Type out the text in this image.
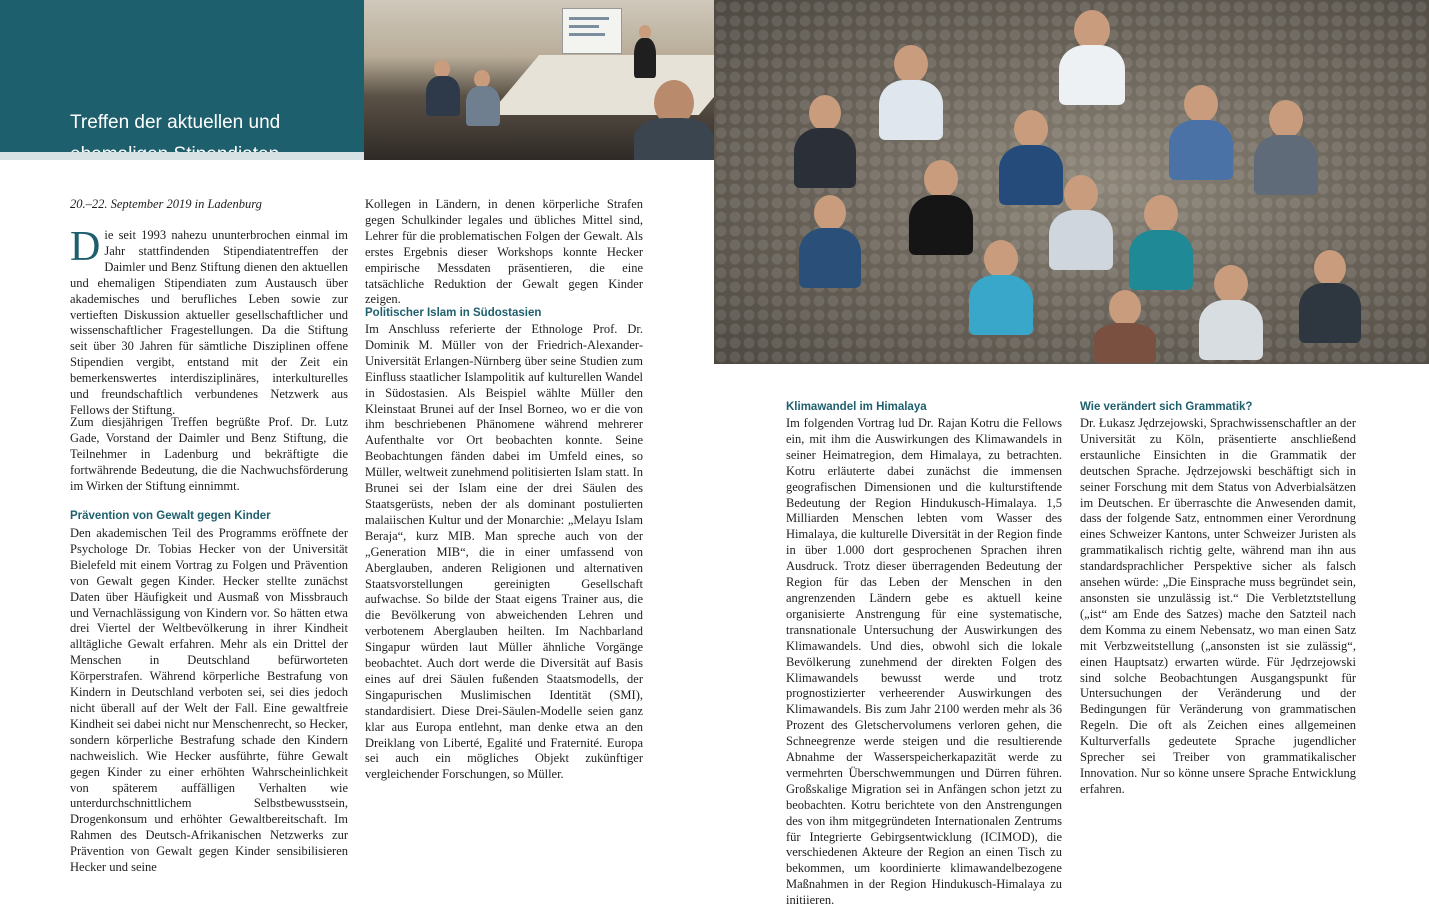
Treffen der aktuellen und

20.–22. September 2019 in Ladenburg

Die seit 1993 nahezu ununterbrochen einmal im Jahr stattfindenden Stipendiatentreffen der Daimler und Benz Stiftung dienen den aktuellen und ehemaligen Stipendiaten zum Austausch über akademisches und berufliches Leben sowie zur vertieften Diskussion aktueller gesellschaftlicher und wissenschaftlicher Fragestellungen. Da die Stiftung seit über 30 Jahren für sämtliche Disziplinen offene Stipendien vergibt, entstand mit der Zeit ein bemerkenswertes interdisziplinäres, interkulturelles und freundschaftlich verbundenes Netzwerk aus Fellows der Stiftung.

Zum diesjährigen Treffen begrüßte Prof. Dr. Lutz Gade, Vorstand der Daimler und Benz Stiftung, die Teilnehmer in Ladenburg und bekräftigte die fortwährende Bedeutung, die die Nachwuchsförderung im Wirken der Stiftung einnimmt.

Prävention von Gewalt gegen Kinder

Den akademischen Teil des Programms eröffnete der Psychologe Dr. Tobias Hecker von der Universität Bielefeld mit einem Vortrag zu Folgen und Prävention von Gewalt gegen Kinder. Hecker stellte zunächst Daten über Häufigkeit und Ausmaß von Missbrauch und Vernachlässigung von Kindern vor. So hätten etwa drei Viertel der Weltbevölkerung in ihrer Kindheit alltägliche Gewalt erfahren. Mehr als ein Drittel der Menschen in Deutschland befürworteten Körperstrafen. Während körperliche Bestrafung von Kindern in Deutschland verboten sei, sei dies jedoch nicht überall auf der Welt der Fall. Eine gewaltfreie Kindheit sei dabei nicht nur Menschenrecht, so Hecker, sondern körperliche Bestrafung schade den Kindern nachweislich. Wie Hecker ausführte, führe Gewalt gegen Kinder zu einer erhöhten Wahrscheinlichkeit von späterem auffälligen Verhalten wie unterdurchschnittlichem Selbstbewusstsein, Drogenkonsum und erhöhter Gewaltbereitschaft. Im Rahmen des Deutsch-Afrikanischen Netzwerks zur Prävention von Gewalt gegen Kinder sensibilisieren Hecker und seine

Kollegen in Ländern, in denen körperliche Strafen gegen Schulkinder legales und übliches Mittel sind, Lehrer für die problematischen Folgen der Gewalt. Als erstes Ergebnis dieser Workshops konnte Hecker empirische Messdaten präsentieren, die eine tatsächliche Reduktion der Gewalt gegen Kinder zeigen.

Politischer Islam in Südostasien

Im Anschluss referierte der Ethnologe Prof. Dr. Dominik M. Müller von der Friedrich-Alexander-Universität Erlangen-Nürnberg über seine Studien zum Einfluss staatlicher Islampolitik auf kulturellen Wandel in Südostasien. Als Beispiel wählte Müller den Kleinstaat Brunei auf der Insel Borneo, wo er die von ihm beschriebenen Phänomene während mehrerer Aufenthalte vor Ort beobachten konnte. Seine Beobachtungen fänden dabei im Umfeld eines, so Müller, weltweit zunehmend politisierten Islam statt. In Brunei sei der Islam eine der drei Säulen des Staatsgerüsts, neben der als dominant postulierten malaiischen Kultur und der Monarchie: „Melayu Islam Beraja“, kurz MIB. Man spreche auch von der „Generation MIB“, die in einer umfassend von Aberglauben, anderen Religionen und alternativen Staatsvorstellungen gereinigten Gesellschaft aufwachse. So bilde der Staat eigens Trainer aus, die die Bevölkerung von abweichenden Lehren und verbotenem Aberglauben heilten. Im Nachbarland Singapur würden laut Müller ähnliche Vorgänge beobachtet. Auch dort werde die Diversität auf Basis eines auf drei Säulen fußenden Staatsmodells, der Singapurischen Muslimischen Identität (SMI), standardisiert. Diese Drei-Säulen-Modelle seien ganz klar aus Europa entlehnt, man denke etwa an den Dreiklang von Liberté, Egalité und Fraternité. Europa sei auch ein mögliches Objekt zukünftiger vergleichender Forschungen, so Müller.

Klimawandel im Himalaya

Im folgenden Vortrag lud Dr. Rajan Kotru die Fellows ein, mit ihm die Auswirkungen des Klimawandels in seiner Heimatregion, dem Himalaya, zu betrachten. Kotru erläuterte dabei zunächst die immensen geografischen Dimensionen und die kulturstiftende Bedeutung der Region Hindukusch-Himalaya. 1,5 Milliarden Menschen lebten vom Wasser des Himalaya, die kulturelle Diversität in der Region finde in über 1.000 dort gesprochenen Sprachen ihren Ausdruck. Trotz dieser überragenden Bedeutung der Region für das Leben der Menschen in den angrenzenden Ländern gebe es aktuell keine organisierte Anstrengung für eine systematische, transnationale Untersuchung der Auswirkungen des Klimawandels. Und dies, obwohl sich die lokale Bevölkerung zunehmend der direkten Folgen des Klimawandels bewusst werde und trotz prognostizierter verheerender Auswirkungen des Klimawandels. Bis zum Jahr 2100 werden mehr als 36 Prozent des Gletschervolumens verloren gehen, die Schneegrenze werde steigen und die resultierende Abnahme der Wasserspeicherkapazität werde zu vermehrten Überschwemmungen und Dürren führen. Großskalige Migration sei in Anfängen schon jetzt zu beobachten. Kotru berichtete von den Anstrengungen des von ihm mitgegründeten Internationalen Zentrums für Integrierte Gebirgsentwicklung (ICIMOD), die verschiedenen Akteure der Region an einen Tisch zu bekommen, um koordinierte klimawandelbezogene Maßnahmen in der Region Hindukusch-Himalaya zu initiieren.

Wie verändert sich Grammatik?

Dr. Łukasz Jędrzejowski, Sprachwissenschaftler an der Universität zu Köln, präsentierte anschließend erstaunliche Einsichten in die Grammatik der deutschen Sprache. Jędrzejowski beschäftigt sich in seiner Forschung mit dem Status von Adverbialsätzen im Deutschen. Er überraschte die Anwesenden damit, dass der folgende Satz, entnommen einer Verordnung eines Schweizer Kantons, unter Schweizer Juristen als grammatikalisch richtig gelte, während man ihn aus standardsprachlicher Perspektive sicher als falsch ansehen würde: „Die Einsprache muss begründet sein, ansonsten sie unzulässig ist.“ Die Verbletztstellung („ist“ am Ende des Satzes) mache den Satzteil nach dem Komma zu einem Nebensatz, wo man einen Satz mit Verbzweitstellung („ansonsten ist sie zulässig“, einen Hauptsatz) erwarten würde. Für Jędrzejowski sind solche Beobachtungen Ausgangspunkt für Untersuchungen der Veränderung und der Bedingungen für Veränderung von grammatischen Regeln. Die oft als Zeichen eines allgemeinen Kulturverfalls gedeutete Sprache jugendlicher Sprecher sei Treiber von grammatikalischer Innovation. Nur so könne unsere Sprache Entwicklung erfahren.
